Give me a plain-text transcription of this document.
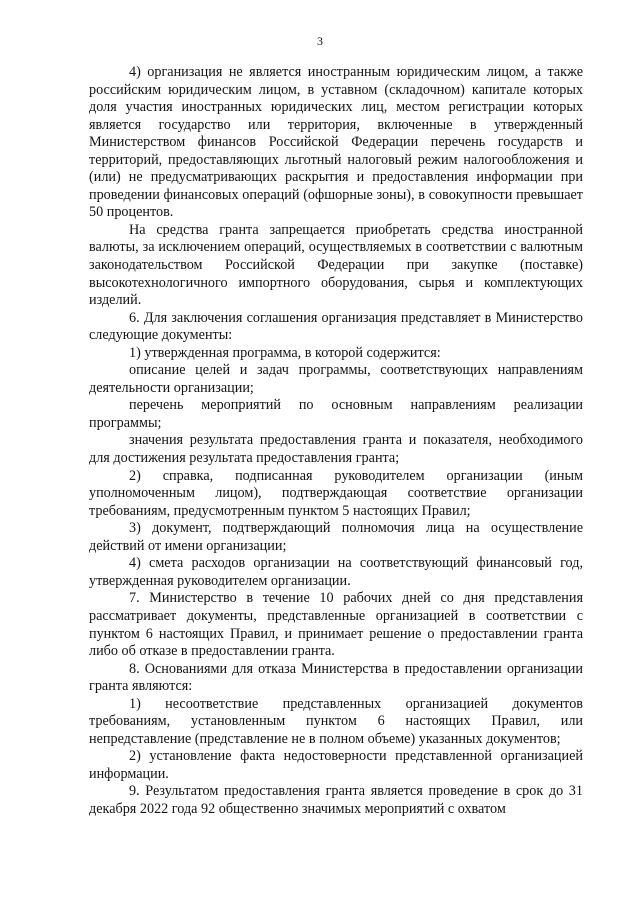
3

4) организация не является иностранным юридическим лицом, а также российским юридическим лицом, в уставном (складочном) капитале которых доля участия иностранных юридических лиц, местом регистрации которых является государство или территория, включенные в утвержденный Министерством финансов Российской Федерации перечень государств и территорий, предоставляющих льготный налоговый режим налогообложения и (или) не предусматривающих раскрытия и предоставления информации при проведении финансовых операций (офшорные зоны), в совокупности превышает 50 процентов.

На средства гранта запрещается приобретать средства иностранной валюты, за исключением операций, осуществляемых в соответствии с валютным законодательством Российской Федерации при закупке (поставке) высокотехнологичного импортного оборудования, сырья и комплектующих изделий.

6. Для заключения соглашения организация представляет в Министерство следующие документы:

1) утвержденная программа, в которой содержится:

описание целей и задач программы, соответствующих направлениям деятельности организации;

перечень мероприятий по основным направлениям реализации программы;

значения результата предоставления гранта и показателя, необходимого для достижения результата предоставления гранта;

2) справка, подписанная руководителем организации (иным уполномоченным лицом), подтверждающая соответствие организации требованиям, предусмотренным пунктом 5 настоящих Правил;

3) документ, подтверждающий полномочия лица на осуществление действий от имени организации;

4) смета расходов организации на соответствующий финансовый год, утвержденная руководителем организации.

7. Министерство в течение 10 рабочих дней со дня представления рассматривает документы, представленные организацией в соответствии с пунктом 6 настоящих Правил, и принимает решение о предоставлении гранта либо об отказе в предоставлении гранта.

8. Основаниями для отказа Министерства в предоставлении организации гранта являются:

1) несоответствие представленных организацией документов требованиям, установленным пунктом 6 настоящих Правил, или непредставление (представление не в полном объеме) указанных документов;

2) установление факта недостоверности представленной организацией информации.

9. Результатом предоставления гранта является проведение в срок до 31 декабря 2022 года 92 общественно значимых мероприятий с охватом
